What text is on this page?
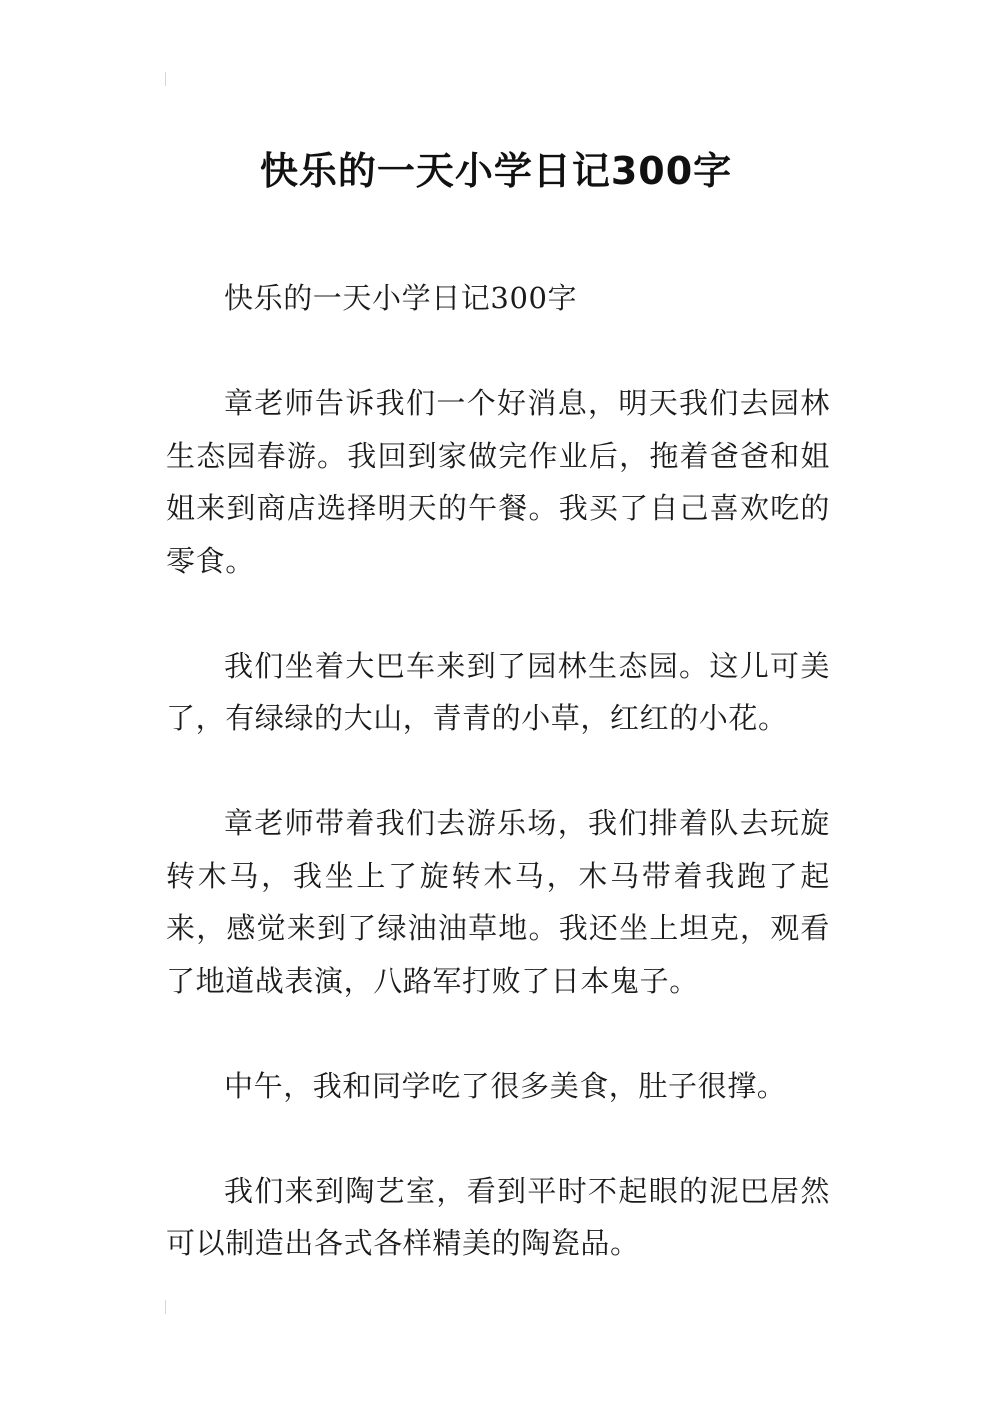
快乐的一天小学日记300字

快乐的一天小学日记300字

章老师告诉我们一个好消息，明天我们去园林生态园春游。我回到家做完作业后，拖着爸爸和姐姐来到商店选择明天的午餐。我买了自己喜欢吃的零食。

我们坐着大巴车来到了园林生态园。这儿可美了，有绿绿的大山，青青的小草，红红的小花。

章老师带着我们去游乐场，我们排着队去玩旋转木马，我坐上了旋转木马，木马带着我跑了起来，感觉来到了绿油油草地。我还坐上坦克，观看了地道战表演，八路军打败了日本鬼子。

中午，我和同学吃了很多美食，肚子很撑。

我们来到陶艺室，看到平时不起眼的泥巴居然可以制造出各式各样精美的陶瓷品。
